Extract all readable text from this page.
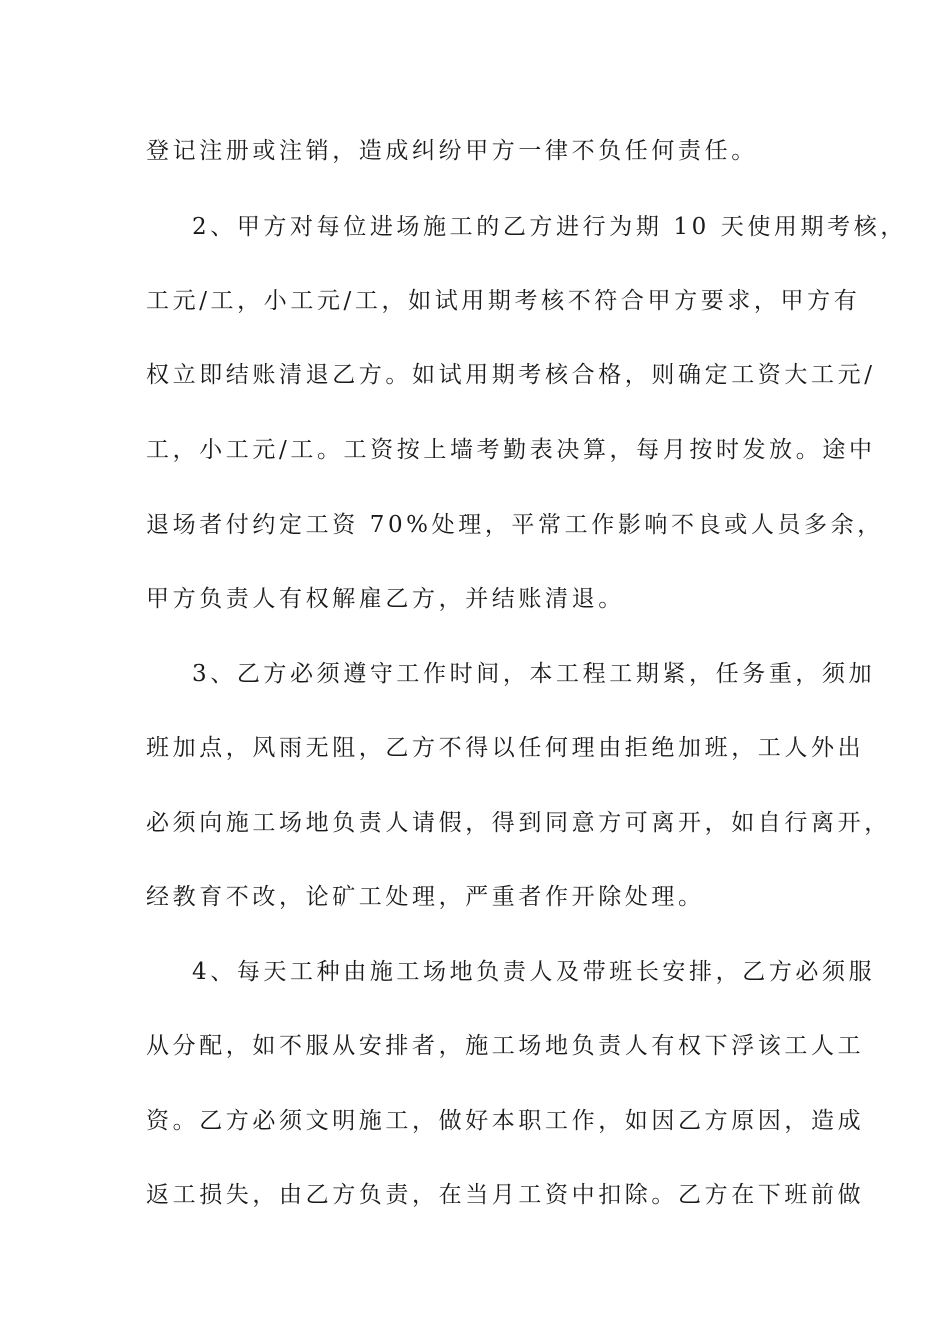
登记注册或注销，造成纠纷甲方一律不负任何责任。
2、甲方对每位进场施工的乙方进行为期 10 天使用期考核，
工元/工，小工元/工，如试用期考核不符合甲方要求，甲方有
权立即结账清退乙方。如试用期考核合格，则确定工资大工元/
工，小工元/工。工资按上墙考勤表决算，每月按时发放。途中
退场者付约定工资 70%处理，平常工作影响不良或人员多余，
甲方负责人有权解雇乙方，并结账清退。
3、乙方必须遵守工作时间，本工程工期紧，任务重，须加
班加点，风雨无阻，乙方不得以任何理由拒绝加班，工人外出
必须向施工场地负责人请假，得到同意方可离开，如自行离开，
经教育不改，论矿工处理，严重者作开除处理。
4、每天工种由施工场地负责人及带班长安排，乙方必须服
从分配，如不服从安排者，施工场地负责人有权下浮该工人工
资。乙方必须文明施工，做好本职工作，如因乙方原因，造成
返工损失，由乙方负责，在当月工资中扣除。乙方在下班前做
